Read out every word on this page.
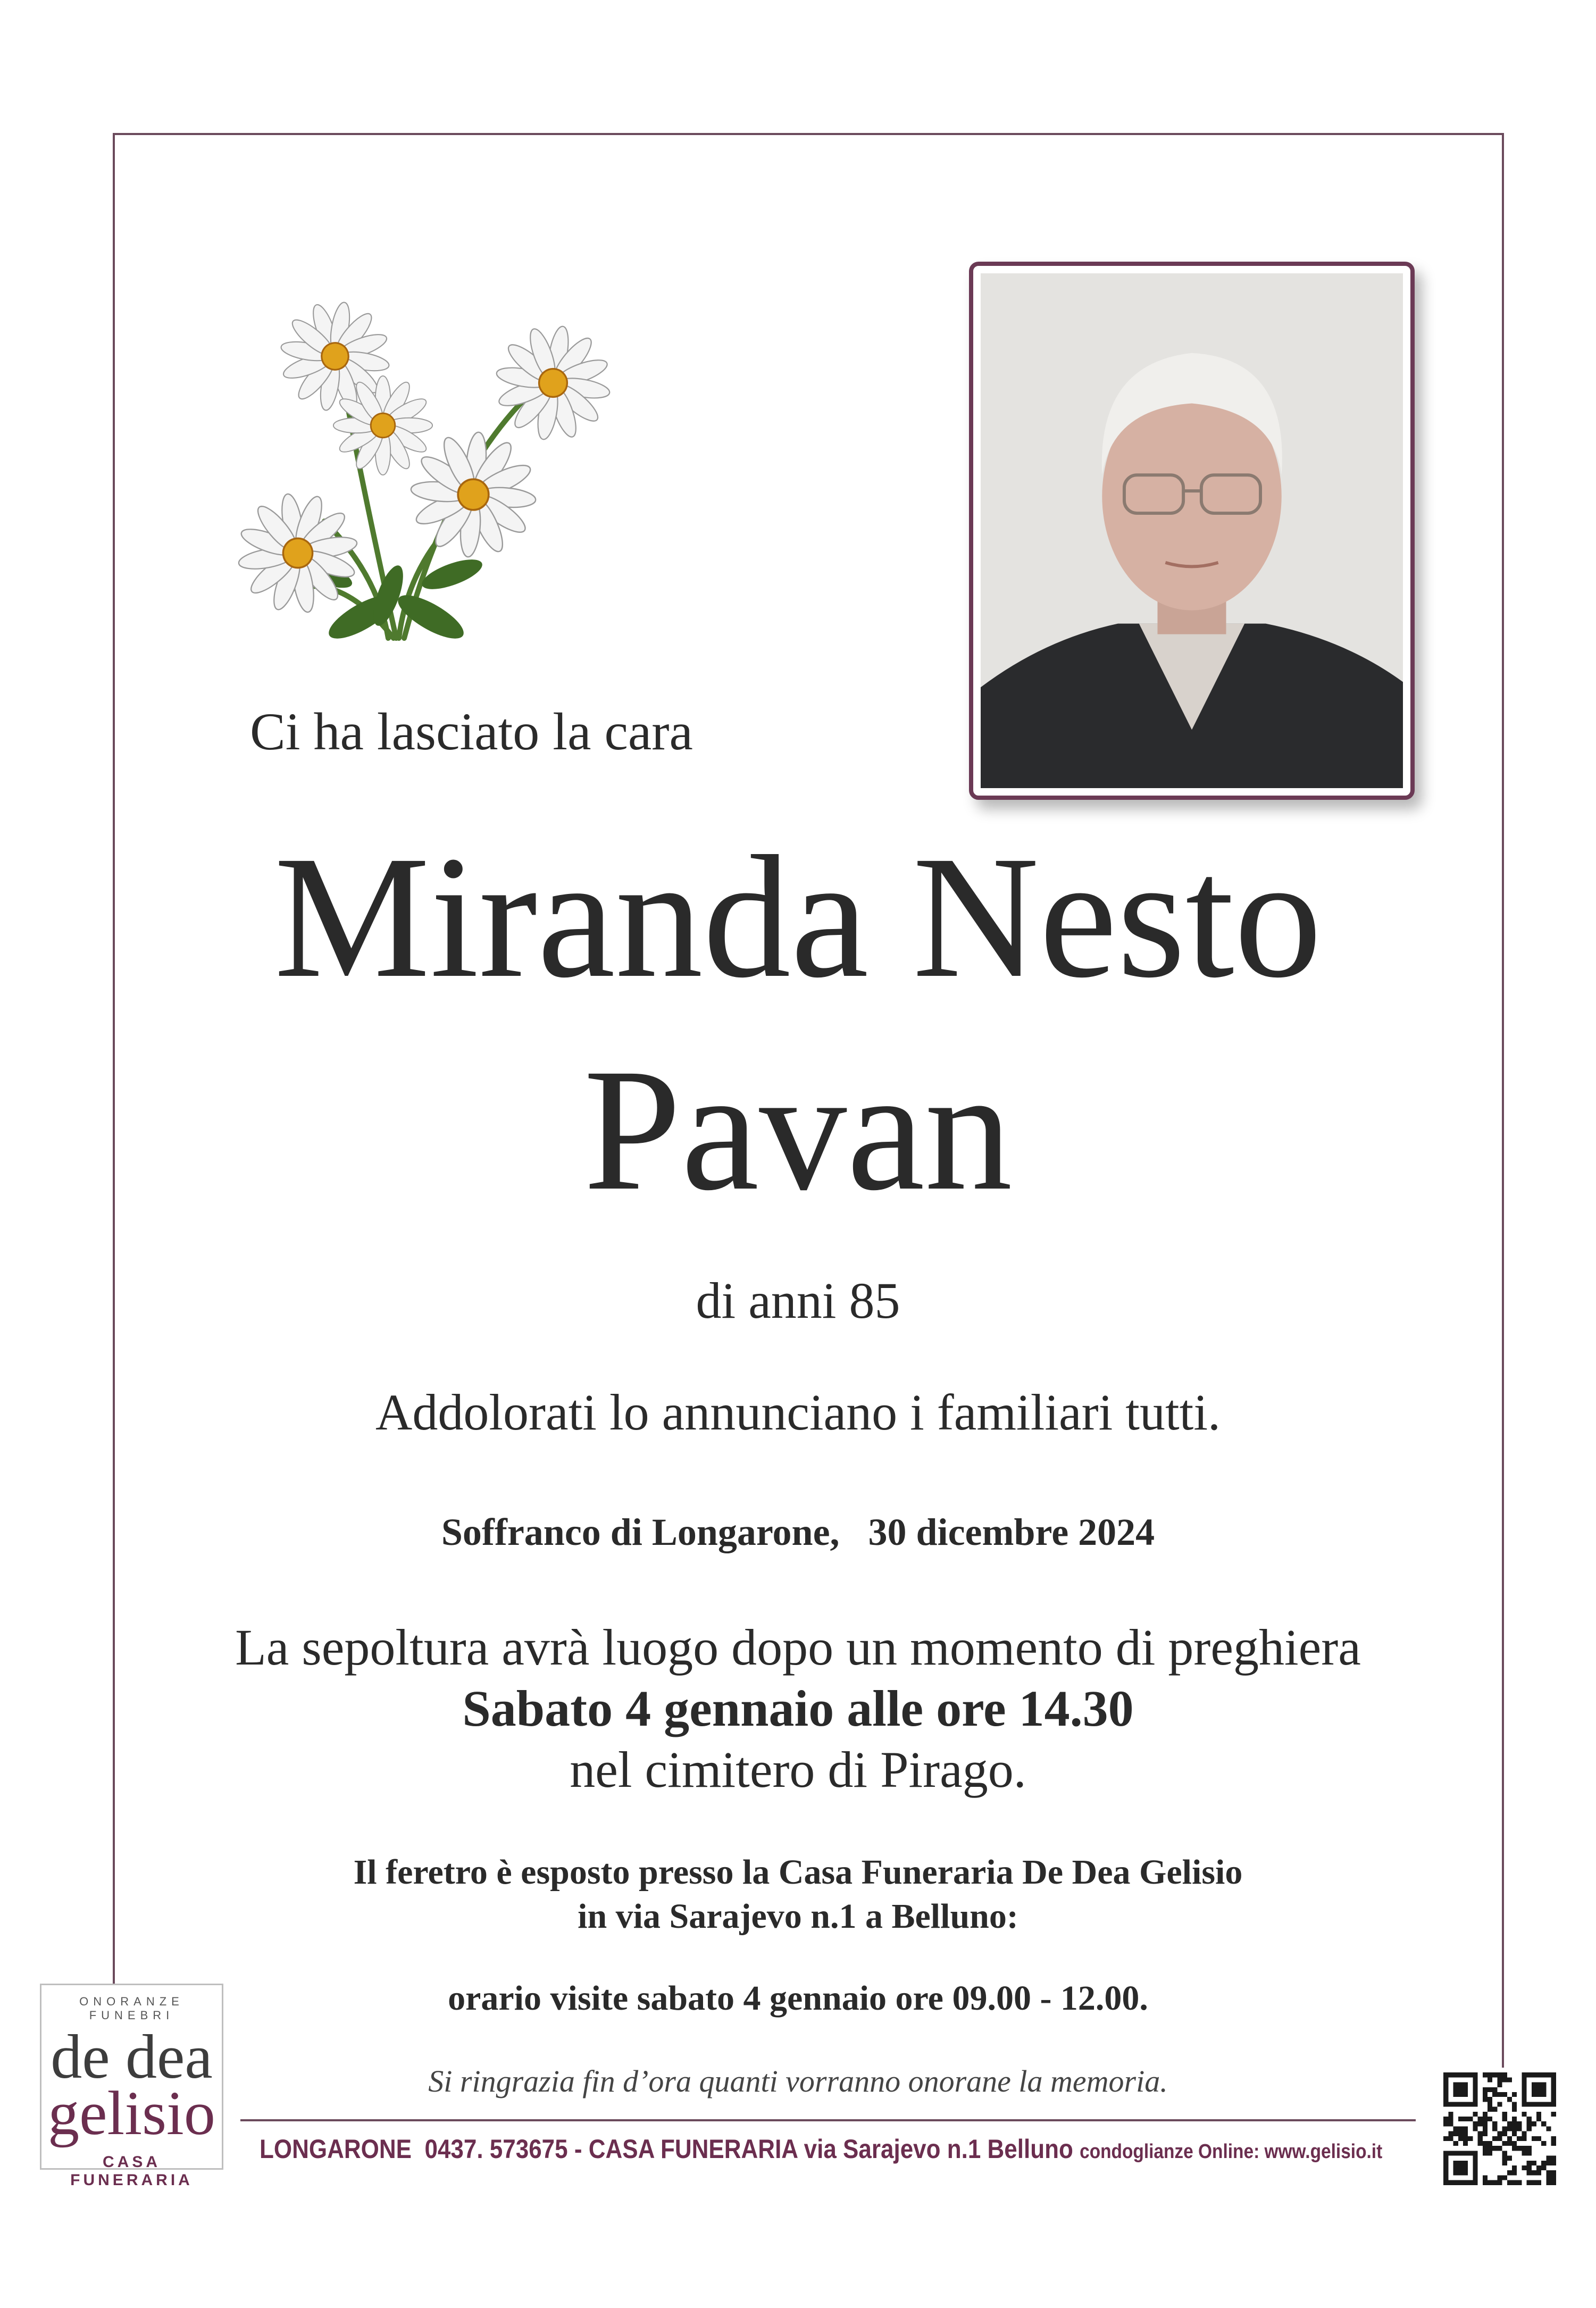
Ci ha lasciato la cara
Miranda Nesto
Pavan
di anni 85
Addolorati lo annunciano i familiari tutti.
Soffranco di Longarone,   30 dicembre 2024
La sepoltura avrà luogo dopo un momento di preghiera
Sabato 4 gennaio alle ore 14.30
nel cimitero di Pirago.
Il feretro è esposto presso la Casa Funeraria De Dea Gelisio
in via Sarajevo n.1 a Belluno:
orario visite sabato 4 gennaio ore 09.00 - 12.00.
Si ringrazia fin d’ora quanti vorranno onorane la memoria.
ONORANZE FUNEBRI
de dea
gelisio
CASA FUNERARIA
LONGARONE  0437. 573675 - CASA FUNERARIA via Sarajevo n.1 Belluno condoglianze Online: www.gelisio.it
